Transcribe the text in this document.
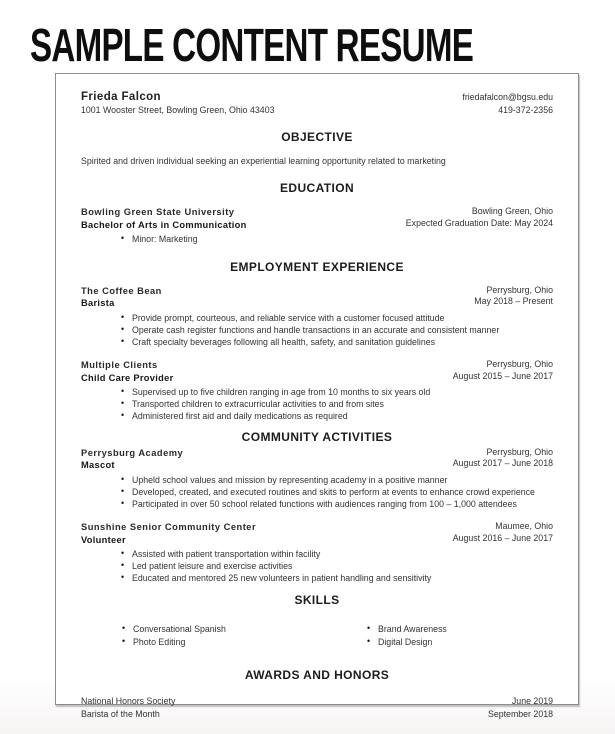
SAMPLE CONTENT RESUME
Frieda Falcon
1001 Wooster Street, Bowling Green, Ohio 43403
friedafalcon@bgsu.edu
419-372-2356
OBJECTIVE
Spirited and driven individual seeking an experiential learning opportunity related to marketing
EDUCATION
Bowling Green State University
Bachelor of Arts in Communication
Bowling Green, Ohio
Expected Graduation Date: May 2024
• Minor: Marketing
EMPLOYMENT EXPERIENCE
The Coffee Bean
Barista
Perrysburg, Ohio
May 2018 – Present
• Provide prompt, courteous, and reliable service with a customer focused attitude
• Operate cash register functions and handle transactions in an accurate and consistent manner
• Craft specialty beverages following all health, safety, and sanitation guidelines
Multiple Clients
Child Care Provider
Perrysburg, Ohio
August 2015 – June 2017
• Supervised up to five children ranging in age from 10 months to six years old
• Transported children to extracurricular activities to and from sites
• Administered first aid and daily medications as required
COMMUNITY ACTIVITIES
Perrysburg Academy
Mascot
Perrysburg, Ohio
August 2017 – June 2018
• Upheld school values and mission by representing academy in a positive manner
• Developed, created, and executed routines and skits to perform at events to enhance crowd experience
• Participated in over 50 school related functions with audiences ranging from 100 – 1,000 attendees
Sunshine Senior Community Center
Volunteer
Maumee, Ohio
August 2016 – June 2017
• Assisted with patient transportation within facility
• Led patient leisure and exercise activities
• Educated and mentored 25 new volunteers in patient handling and sensitivity
SKILLS
• Conversational Spanish
• Photo Editing
• Brand Awareness
• Digital Design
AWARDS AND HONORS
National Honors Society	June 2019
Barista of the Month	September 2018
